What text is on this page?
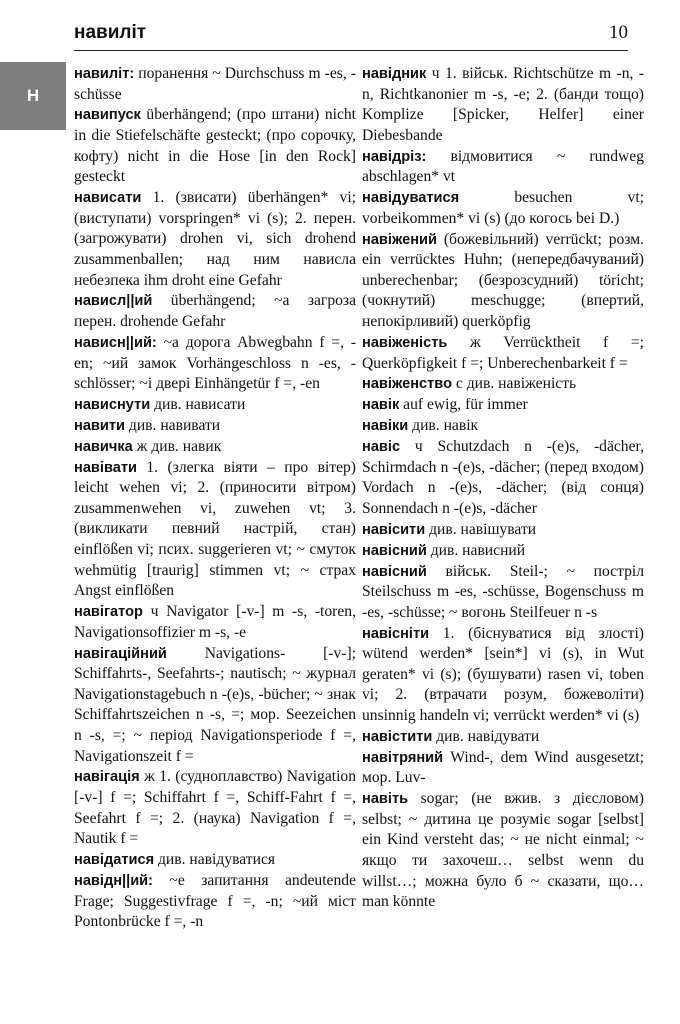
навиліт	10
Н

навиліт: поранення ~ Durchschuss m -es, -schüsse

навипуск überhängend; (про штани) nicht in die Stiefelschäfte gesteckt; (про сорочку, кофту) nicht in die Hose [in den Rock] gesteckt

нависати 1. (звисати) überhängen* vi; (виступати) vorspringen* vi (s); 2. перен. (загрожувати) drohen vi, sich drohend zusammenballen; над ним нависла небезпека ihm droht eine Gefahr

нависл||ий überhängend; ~а загроза перен. drohende Gefahr

нависн||ий: ~а дорога Abwegbahn f =, -en; ~ий замок Vorhängeschloss n -es, -schlösser; ~і двері Einhängetür f =, -en

нависнути див. нависати

навити див. навивати

навичка ж див. навик

навівати 1. (злегка віяти – про вітер) leicht wehen vi; 2. (приносити вітром) zusammenwehen vi, zuwehen vt; 3. (викликати певний настрій, стан) einflößen vi; псих. suggerieren vt; ~ смуток wehmütig [traurig] stimmen vt; ~ страх Angst einflößen

навігатор ч Navigator [-v-] m -s, -toren, Navigationsoffizier m -s, -e

навігаційний Navigations- [-v-]; Schiffahrts-, Seefahrts-; nautisch; ~ журнал Navigationstagebuch n -(e)s, -bücher; ~ знак Schiffahrtszeichen n -s, =; мор. Seezeichen n -s, =; ~ період Navigationsperiode f =, Navigationszeit f =

навігація ж 1. (судноплавство) Navigation [-v-] f =; Schiffahrt f =, Schiff-Fahrt f =, Seefahrt f =; 2. (наука) Navigation f =, Nautik f =

навідатися див. навідуватися

навідн||ий: ~е запитання andeutende Frage; Suggestivfrage f =, -n; ~ий міст Pontonbrücke f =, -n

навідник ч 1. військ. Richtschütze m -n, -n, Richtkanonier m -s, -e; 2. (банди тощо) Komplize [Spicker, Helfer] einer Diebesbande

навідріз: відмовитися ~ rundweg abschlagen* vt

навідуватися besuchen vt; vorbeikommen* vi (s) (до когось bei D.)

навіжений (божевільний) verrückt; розм. ein verrücktes Huhn; (непередбачуваний) unberechenbar; (безрозсудний) töricht; (чокнутий) meschugge; (впертий, непокірливий) querköpfig

навіженість ж Verrücktheit f =; Querköpfigkeit f =; Unberechenbarkeit f =

навіженство с див. навіженість

навік auf ewig, für immer

навіки див. навік

навіс ч Schutzdach n -(e)s, -dächer, Schirmdach n -(e)s, -dächer; (перед входом) Vordach n -(e)s, -dächer; (від сонця) Sonnendach n -(e)s, -dächer

навісити див. навішувати

навісний див. нависний

навісний військ. Steil-; ~ постріл Steilschuss m -es, -schüsse, Bogenschuss m -es, -schüsse; ~ вогонь Steilfeuer n -s

навісніти 1. (біснуватися від злості) wütend werden* [sein*] vi (s), in Wut geraten* vi (s); (бушувати) rasen vi, toben vi; 2. (втрачати розум, божеволіти) unsinnig handeln vi; verrückt werden* vi (s)

навістити див. навідувати

навітряний Wind-, dem Wind ausgesetzt; мор. Luv-

навіть sogar; (не вжив. з дієсловом) selbst; ~ дитина це розуміє sogar [selbst] ein Kind versteht das; ~ не nicht einmal; ~ якщо ти захочеш… selbst wenn du willst…; можна було б ~ сказати, що… man könnte
